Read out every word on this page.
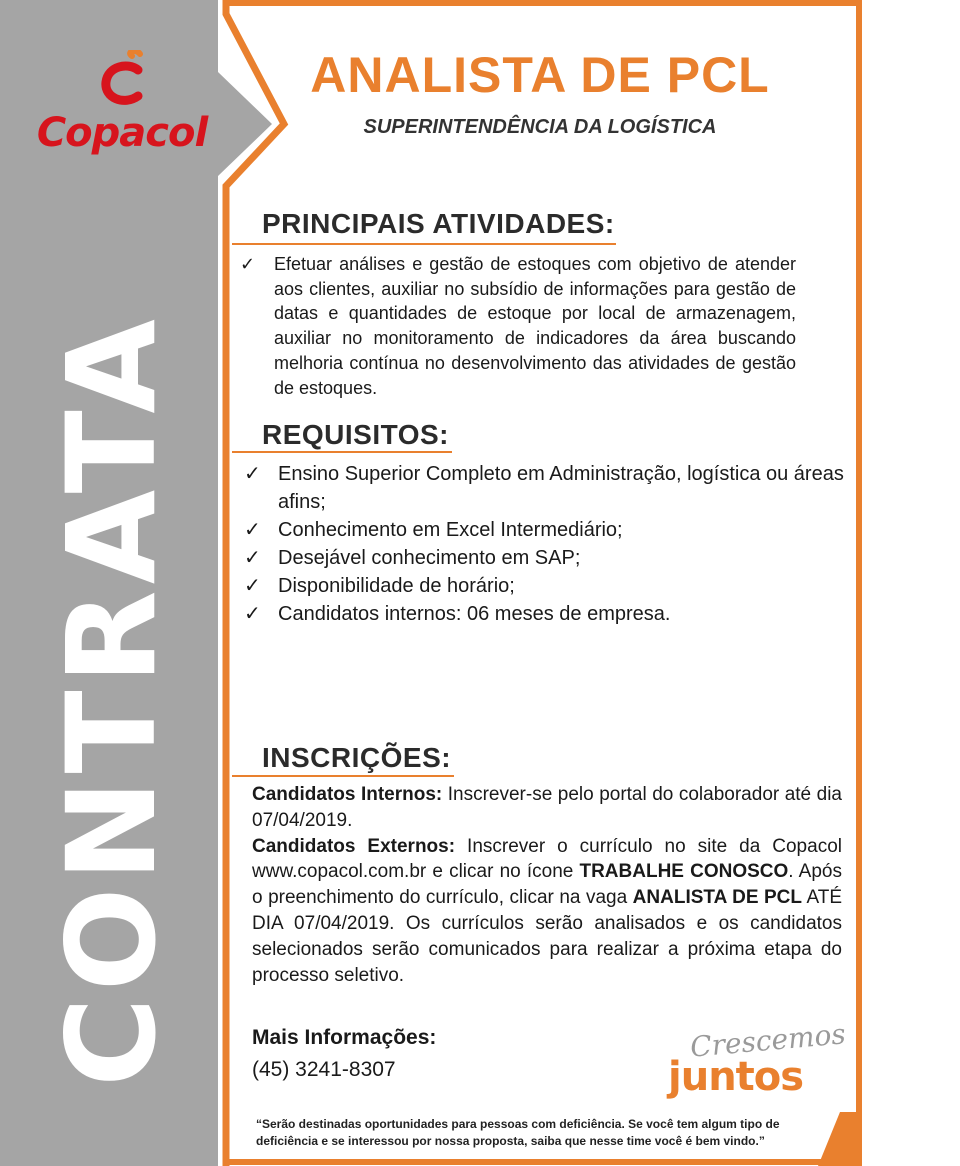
Copacol
CONTRATA
ANALISTA DE PCL
SUPERINTENDÊNCIA DA LOGÍSTICA
PRINCIPAIS ATIVIDADES:
✓ Efetuar análises e gestão de estoques com objetivo de atender aos clientes, auxiliar no subsídio de informações para gestão de datas e quantidades de estoque por local de armazenagem, auxiliar no monitoramento de indicadores da área buscando melhoria contínua no desenvolvimento das atividades de gestão de estoques.
REQUISITOS:
✓ Ensino Superior Completo em Administração, logística ou áreas afins;
✓ Conhecimento em Excel Intermediário;
✓ Desejável conhecimento em SAP;
✓ Disponibilidade de horário;
✓ Candidatos internos: 06 meses de empresa.
INSCRIÇÕES:
Candidatos Internos: Inscrever-se pelo portal do colaborador até dia 07/04/2019.
Candidatos Externos: Inscrever o currículo no site da Copacol www.copacol.com.br e clicar no ícone TRABALHE CONOSCO. Após o preenchimento do currículo, clicar na vaga ANALISTA DE PCL ATÉ DIA 07/04/2019. Os currículos serão analisados e os candidatos selecionados serão comunicados para realizar a próxima etapa do processo seletivo.
Mais Informações:
(45) 3241-8307
Crescemos
juntos
“Serão destinadas oportunidades para pessoas com deficiência. Se você tem algum tipo de deficiência e se interessou por nossa proposta, saiba que nesse time você é bem vindo.”
